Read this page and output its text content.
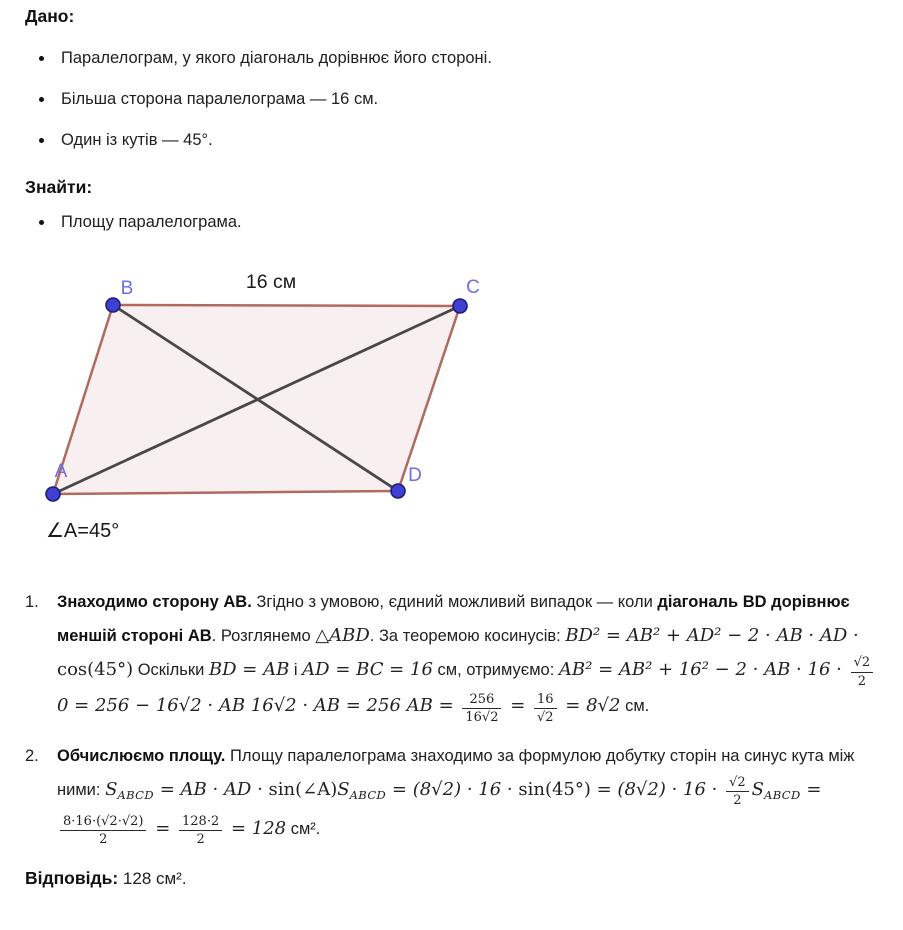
Дано:
Паралелограм, у якого діагональ дорівнює його стороні.
Більша сторона паралелограма — 16 см.
Один із кутів — 45°.
Знайти:
Площу паралелограма.
16 см
B	C
A	D
∠A=45°
1.	Знаходимо сторону AB. Згідно з умовою, єдиний можливий випадок — коли діагональ BD дорівнює меншій стороні AB. Розглянемо △ABD. За теоремою косинусів: BD² = AB² + AD² − 2 · AB · AD · cos(45°) Оскільки BD = AB і AD = BC = 16 см, отримуємо: AB² = AB² + 16² − 2 · AB · $16 \cdot \frac{√2}{2}$
0 = 256 − 16√2 · AB 16√2 · AB = 256 AB = $\frac{256}{16√2} = \frac{16}{√2} = 8√2$ см.
2.	Обчислюємо площу. Площу паралелограма знаходимо за формулою добутку сторін на синус кута між ними: $S_{ABCD}$ = AB · AD · $\sin(\angle A)S_{ABCD} = (8√2) \cdot 16 \cdot \sin(45^\circ) = (8√2) \cdot 16 \cdot \frac{√2}{2} S_{ABCD}$ =
$\frac{8\cdot 16\cdot(√2\cdot√2)}{2} = \frac{128\cdot 2}{2} = 128$ см².

Відповідь: 128 см².
